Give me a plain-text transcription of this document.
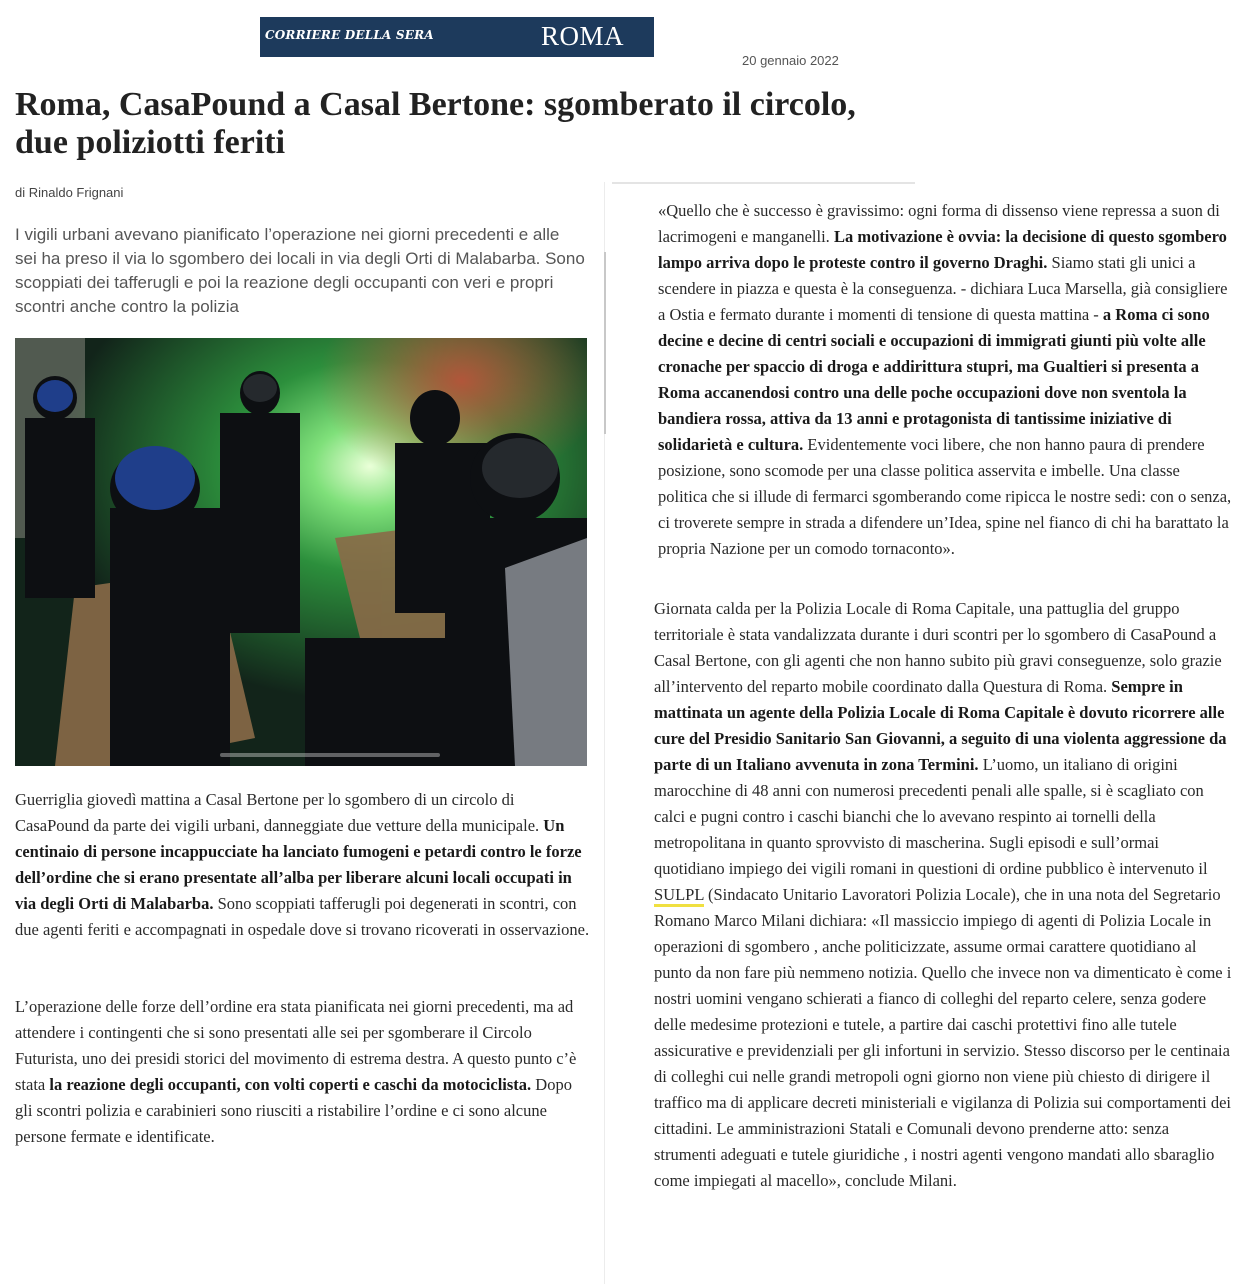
CORRIERE DELLA SERA	ROMA
20 gennaio 2022
Roma, CasaPound a Casal Bertone: sgomberato il circolo, due poliziotti feriti
di Rinaldo Frignani

I vigili urbani avevano pianificato l’operazione nei giorni precedenti e alle sei ha preso il via lo sgombero dei locali in via degli Orti di Malabarba. Sono scoppiati dei tafferugli e poi la reazione degli occupanti con veri e propri scontri anche contro la polizia

Guerriglia giovedì mattina a Casal Bertone per lo sgombero di un circolo di CasaPound da parte dei vigili urbani, danneggiate due vetture della municipale. Un centinaio di persone incappucciate ha lanciato fumogeni e petardi contro le forze dell’ordine che si erano presentate all’alba per liberare alcuni locali occupati in via degli Orti di Malabarba. Sono scoppiati tafferugli poi degenerati in scontri, con due agenti feriti e accompagnati in ospedale dove si trovano ricoverati in osservazione.

L’operazione delle forze dell’ordine era stata pianificata nei giorni precedenti, ma ad attendere i contingenti che si sono presentati alle sei per sgomberare il Circolo Futurista, uno dei presidi storici del movimento di estrema destra. A questo punto c’è stata la reazione degli occupanti, con volti coperti e caschi da motociclista. Dopo gli scontri polizia e carabinieri sono riusciti a ristabilire l’ordine e ci sono alcune persone fermate e identificate.

«Quello che è successo è gravissimo: ogni forma di dissenso viene repressa a suon di lacrimogeni e manganelli. La motivazione è ovvia: la decisione di questo sgombero lampo arriva dopo le proteste contro il governo Draghi. Siamo stati gli unici a scendere in piazza e questa è la conseguenza. - dichiara Luca Marsella, già consigliere a Ostia e fermato durante i momenti di tensione di questa mattina - a Roma ci sono decine e decine di centri sociali e occupazioni di immigrati giunti più volte alle cronache per spaccio di droga e addirittura stupri, ma Gualtieri si presenta a Roma accanendosi contro una delle poche occupazioni dove non sventola la bandiera rossa, attiva da 13 anni e protagonista di tantissime iniziative di solidarietà e cultura. Evidentemente voci libere, che non hanno paura di prendere posizione, sono scomode per una classe politica asservita e imbelle. Una classe politica che si illude di fermarci sgomberando come ripicca le nostre sedi: con o senza, ci troverete sempre in strada a difendere un’Idea, spine nel fianco di chi ha barattato la propria Nazione per un comodo tornaconto».

Giornata calda per la Polizia Locale di Roma Capitale, una pattuglia del gruppo territoriale è stata vandalizzata durante i duri scontri per lo sgombero di CasaPound a Casal Bertone, con gli agenti che non hanno subito più gravi conseguenze, solo grazie all’intervento del reparto mobile coordinato dalla Questura di Roma. Sempre in mattinata un agente della Polizia Locale di Roma Capitale è dovuto ricorrere alle cure del Presidio Sanitario San Giovanni, a seguito di una violenta aggressione da parte di un Italiano avvenuta in zona Termini. L’uomo, un italiano di origini marocchine di 48 anni con numerosi precedenti penali alle spalle, si è scagliato con calci e pugni contro i caschi bianchi che lo avevano respinto ai tornelli della metropolitana in quanto sprovvisto di mascherina. Sugli episodi e sull’ormai quotidiano impiego dei vigili romani in questioni di ordine pubblico è intervenuto il SULPL (Sindacato Unitario Lavoratori Polizia Locale), che in una nota del Segretario Romano Marco Milani dichiara: «Il massiccio impiego di agenti di Polizia Locale in operazioni di sgombero , anche politicizzate, assume ormai carattere quotidiano al punto da non fare più nemmeno notizia. Quello che invece non va dimenticato è come i nostri uomini vengano schierati a fianco di colleghi del reparto celere, senza godere delle medesime protezioni e tutele, a partire dai caschi protettivi fino alle tutele assicurative e previdenziali per gli infortuni in servizio. Stesso discorso per le centinaia di colleghi cui nelle grandi metropoli ogni giorno non viene più chiesto di dirigere il traffico ma di applicare decreti ministeriali e vigilanza di Polizia sui comportamenti dei cittadini. Le amministrazioni Statali e Comunali devono prenderne atto: senza strumenti adeguati e tutele giuridiche , i nostri agenti vengono mandati allo sbaraglio come impiegati al macello», conclude Milani.
